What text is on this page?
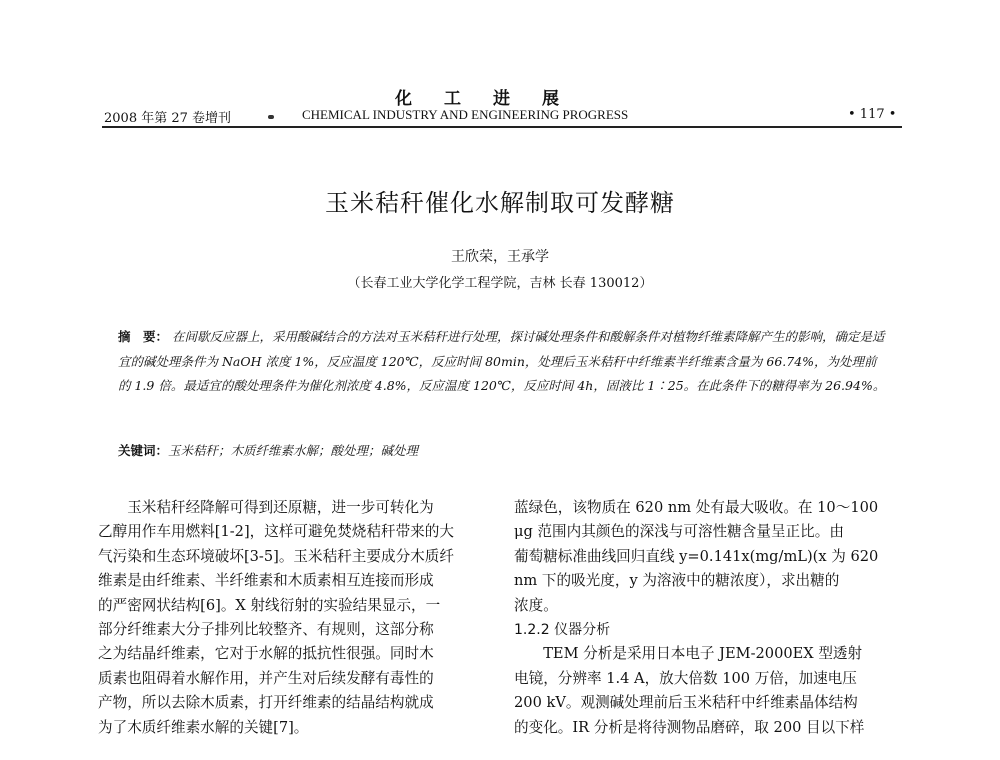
化工进展
2008 年第 27 卷增刊	CHEMICAL INDUSTRY AND ENGINEERING PROGRESS	• 117 •
玉米秸秆催化水解制取可发酵糖
王欣荣，王承学
（长春工业大学化学工程学院，吉林 长春 130012）
摘　要： 在间歇反应器上，采用酸碱结合的方法对玉米秸秆进行处理，探讨碱处理条件和酸解条件对植物纤维素降解产生的影响，确定是适宜的碱处理条件为 NaOH 浓度 1%，反应温度 120℃，反应时间 80min，处理后玉米秸秆中纤维素半纤维素含量为 66.74%，为处理前的 1.9 倍。最适宜的酸处理条件为催化剂浓度 4.8%，反应温度 120℃，反应时间 4h，固液比 1∶25。在此条件下的糖得率为 26.94%。
关键词：玉米秸秆；木质纤维素水解；酸处理；碱处理

玉米秸秆经降解可得到还原糖，进一步可转化为

乙醇用作车用燃料[1-2]，这样可避免焚烧秸秆带来的大

气污染和生态环境破坏[3-5]。玉米秸秆主要成分木质纤

维素是由纤维素、半纤维素和木质素相互连接而形成

的严密网状结构[6]。X 射线衍射的实验结果显示，一

部分纤维素大分子排列比较整齐、有规则，这部分称

之为结晶纤维素，它对于水解的抵抗性很强。同时木

质素也阻碍着水解作用，并产生对后续发酵有毒性的

产物，所以去除木质素，打开纤维素的结晶结构就成

为了木质纤维素水解的关键[7]。

蓝绿色，该物质在 620 nm 处有最大吸收。在 10～100

μg 范围内其颜色的深浅与可溶性糖含量呈正比。由

葡萄糖标准曲线回归直线 y=0.141x(mg/mL)(x 为 620

nm 下的吸光度，y 为溶液中的糖浓度），求出糖的

浓度。

1.2.2 仪器分析

TEM 分析是采用日本电子 JEM-2000EX 型透射

电镜，分辨率 1.4 A，放大倍数 100 万倍，加速电压

200 kV。观测碱处理前后玉米秸秆中纤维素晶体结构

的变化。IR 分析是将待测物品磨碎，取 200 目以下样
